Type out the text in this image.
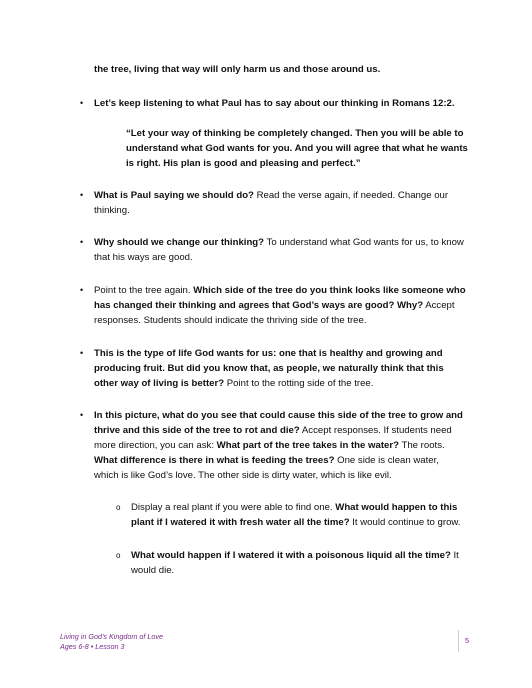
the tree, living that way will only harm us and those around us.
• Let’s keep listening to what Paul has to say about our thinking in Romans 12:2.
“Let your way of thinking be completely changed. Then you will be able to understand what God wants for you. And you will agree that what he wants is right. His plan is good and pleasing and perfect.”
• What is Paul saying we should do? Read the verse again, if needed. Change our thinking.
• Why should we change our thinking? To understand what God wants for us, to know that his ways are good.
• Point to the tree again. Which side of the tree do you think looks like someone who has changed their thinking and agrees that God’s ways are good? Why? Accept responses. Students should indicate the thriving side of the tree.
• This is the type of life God wants for us: one that is healthy and growing and producing fruit. But did you know that, as people, we naturally think that this other way of living is better? Point to the rotting side of the tree.
• In this picture, what do you see that could cause this side of the tree to grow and thrive and this side of the tree to rot and die? Accept responses. If students need more direction, you can ask: What part of the tree takes in the water? The roots. What difference is there in what is feeding the trees? One side is clean water, which is like God’s love. The other side is dirty water, which is like evil.
o Display a real plant if you were able to find one. What would happen to this plant if I watered it with fresh water all the time? It would continue to grow.
o What would happen if I watered it with a poisonous liquid all the time? It would die.
Living in God’s Kingdom of Love
Ages 6-8 • Lesson 3
5
